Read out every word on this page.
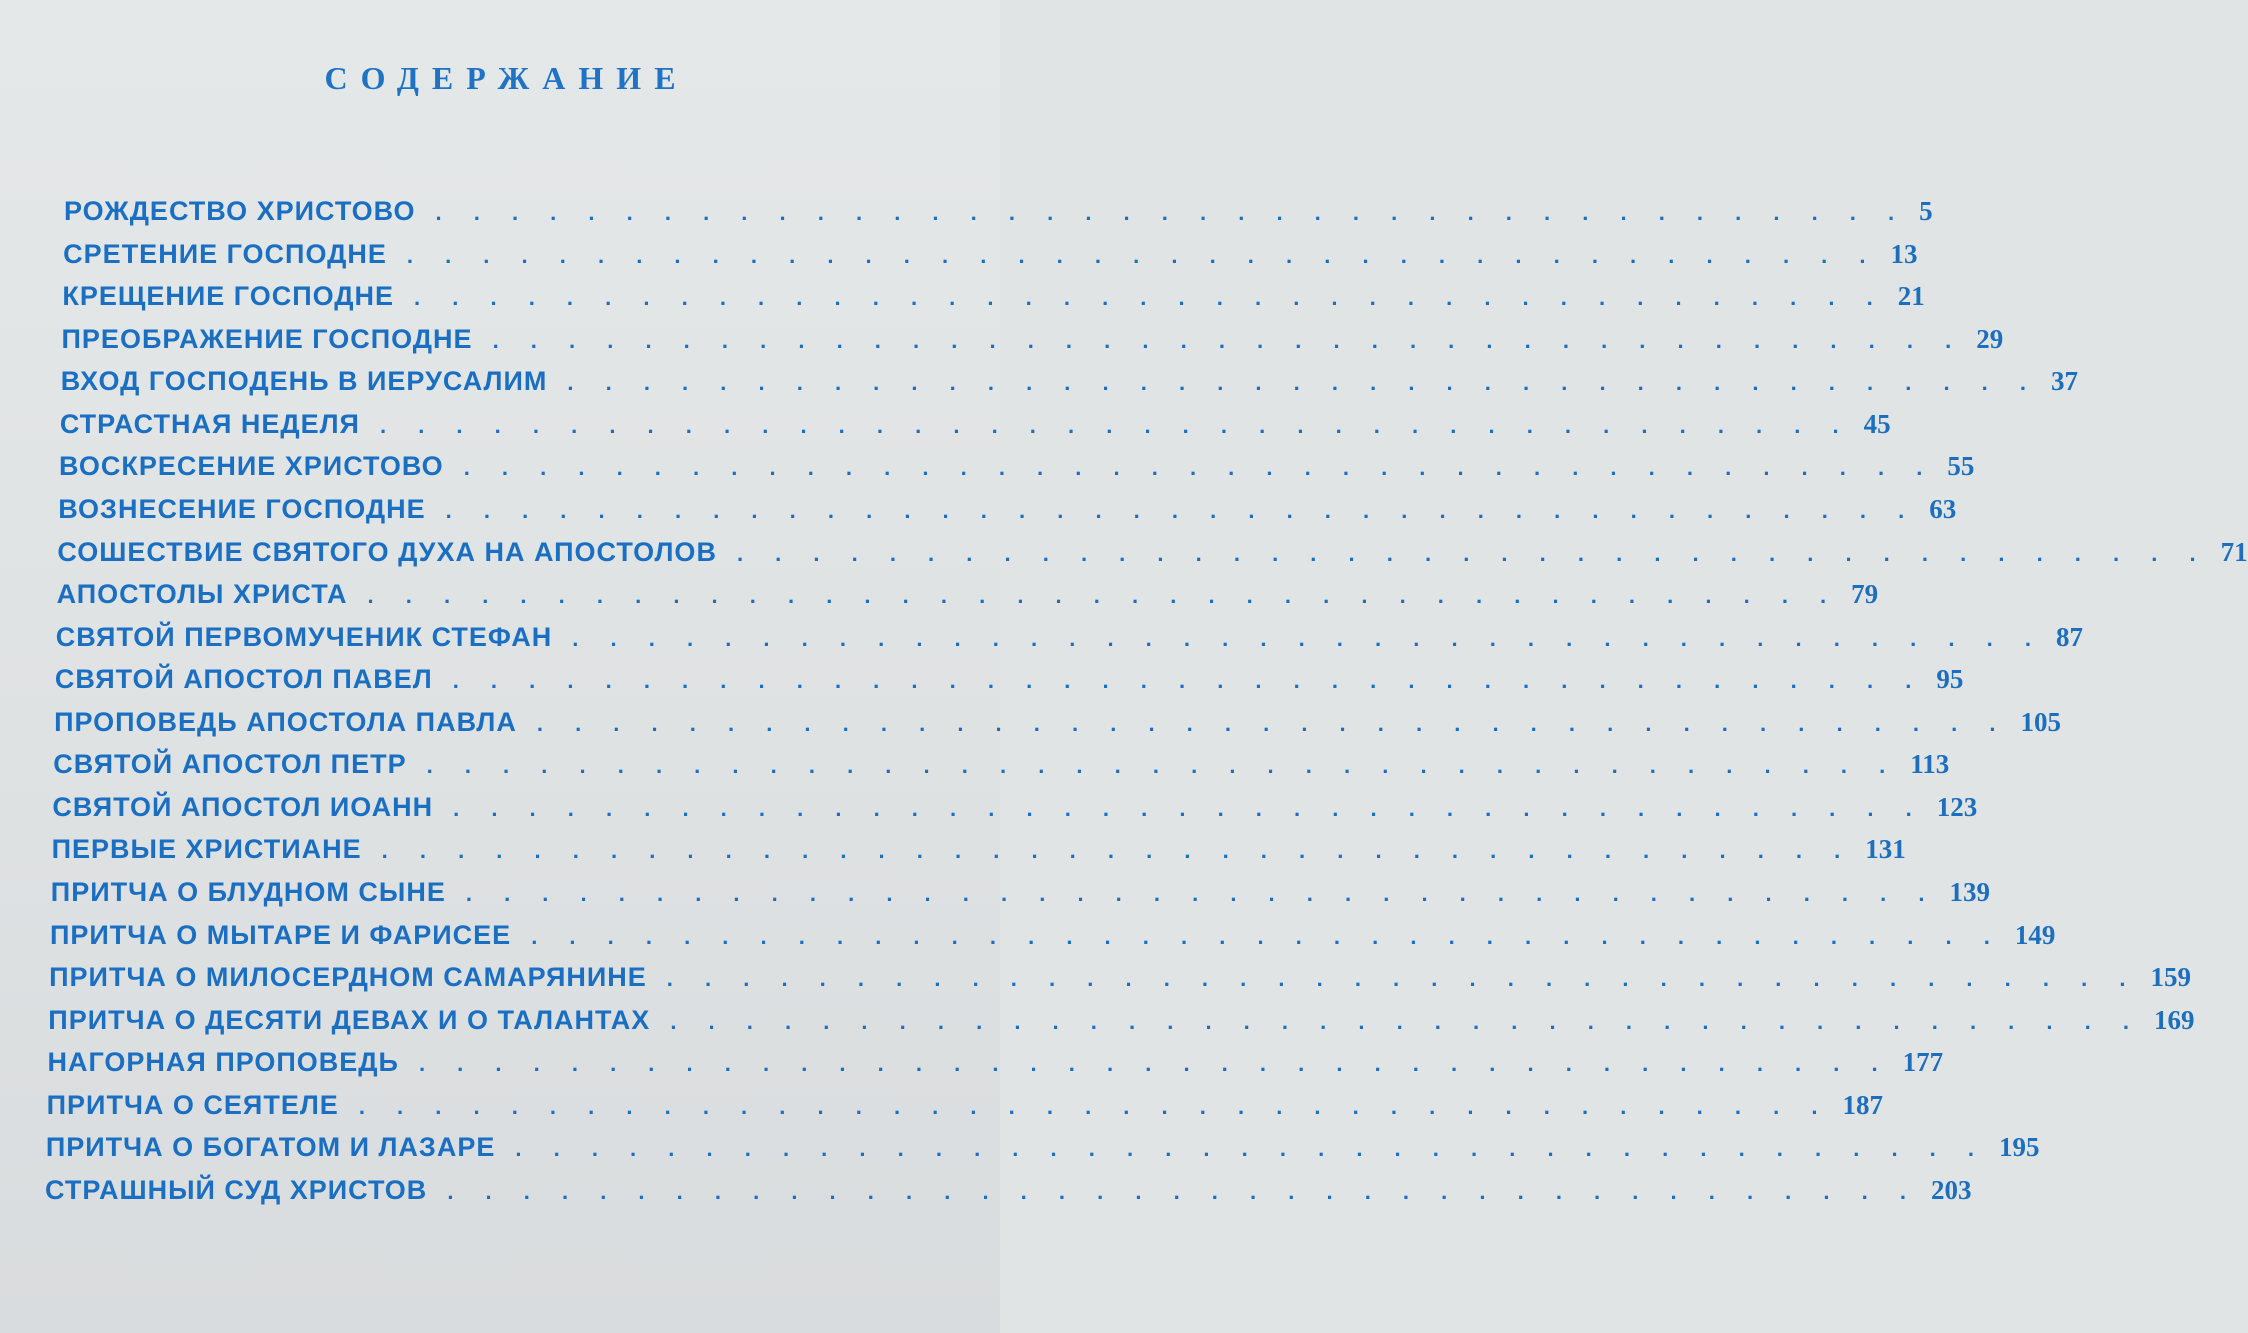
СОДЕРЖАНИЕ
РОЖДЕСТВО ХРИСТОВО . . . . . . . . . . . . . . . . . . . . . . . . . . . . . . . . . . . . . . . 5
СРЕТЕНИЕ ГОСПОДНЕ . . . . . . . . . . . . . . . . . . . . . . . . . . . . . . . . . . . . . . . 13
КРЕЩЕНИЕ ГОСПОДНЕ . . . . . . . . . . . . . . . . . . . . . . . . . . . . . . . . . . . . . . . 21
ПРЕОБРАЖЕНИЕ ГОСПОДНЕ . . . . . . . . . . . . . . . . . . . . . . . . . . . . . . . . . . . . . . . 29
ВХОД ГОСПОДЕНЬ В ИЕРУСАЛИМ . . . . . . . . . . . . . . . . . . . . . . . . . . . . . . . . . . . . . . . 37
СТРАСТНАЯ НЕДЕЛЯ . . . . . . . . . . . . . . . . . . . . . . . . . . . . . . . . . . . . . . . 45
ВОСКРЕСЕНИЕ ХРИСТОВО . . . . . . . . . . . . . . . . . . . . . . . . . . . . . . . . . . . . . . . 55
ВОЗНЕСЕНИЕ ГОСПОДНЕ . . . . . . . . . . . . . . . . . . . . . . . . . . . . . . . . . . . . . . . 63
СОШЕСТВИЕ СВЯТОГО ДУХА НА АПОСТОЛОВ . . . . . . . . . . . . . . . . . . . . . . . . . . . . . . . . . . . . . . . 71
АПОСТОЛЫ ХРИСТА . . . . . . . . . . . . . . . . . . . . . . . . . . . . . . . . . . . . . . . 79
СВЯТОЙ ПЕРВОМУЧЕНИК СТЕФАН . . . . . . . . . . . . . . . . . . . . . . . . . . . . . . . . . . . . . . . 87
СВЯТОЙ АПОСТОЛ ПАВЕЛ . . . . . . . . . . . . . . . . . . . . . . . . . . . . . . . . . . . . . . . 95
ПРОПОВЕДЬ АПОСТОЛА ПАВЛА . . . . . . . . . . . . . . . . . . . . . . . . . . . . . . . . . . . . . . . 105
СВЯТОЙ АПОСТОЛ ПЕТР . . . . . . . . . . . . . . . . . . . . . . . . . . . . . . . . . . . . . . . 113
СВЯТОЙ АПОСТОЛ ИОАНН . . . . . . . . . . . . . . . . . . . . . . . . . . . . . . . . . . . . . . . 123
ПЕРВЫЕ ХРИСТИАНЕ . . . . . . . . . . . . . . . . . . . . . . . . . . . . . . . . . . . . . . . 131
ПРИТЧА О БЛУДНОМ СЫНЕ . . . . . . . . . . . . . . . . . . . . . . . . . . . . . . . . . . . . . . . 139
ПРИТЧА О МЫТАРЕ И ФАРИСЕЕ . . . . . . . . . . . . . . . . . . . . . . . . . . . . . . . . . . . . . . . 149
ПРИТЧА О МИЛОСЕРДНОМ САМАРЯНИНЕ . . . . . . . . . . . . . . . . . . . . . . . . . . . . . . . . . . . . . . . 159
ПРИТЧА О ДЕСЯТИ ДЕВАХ И О ТАЛАНТАХ . . . . . . . . . . . . . . . . . . . . . . . . . . . . . . . . . . . . . . . 169
НАГОРНАЯ ПРОПОВЕДЬ . . . . . . . . . . . . . . . . . . . . . . . . . . . . . . . . . . . . . . . 177
ПРИТЧА О СЕЯТЕЛЕ . . . . . . . . . . . . . . . . . . . . . . . . . . . . . . . . . . . . . . . 187
ПРИТЧА О БОГАТОМ И ЛАЗАРЕ . . . . . . . . . . . . . . . . . . . . . . . . . . . . . . . . . . . . . . . 195
СТРАШНЫЙ СУД ХРИСТОВ . . . . . . . . . . . . . . . . . . . . . . . . . . . . . . . . . . . . . . . 203
